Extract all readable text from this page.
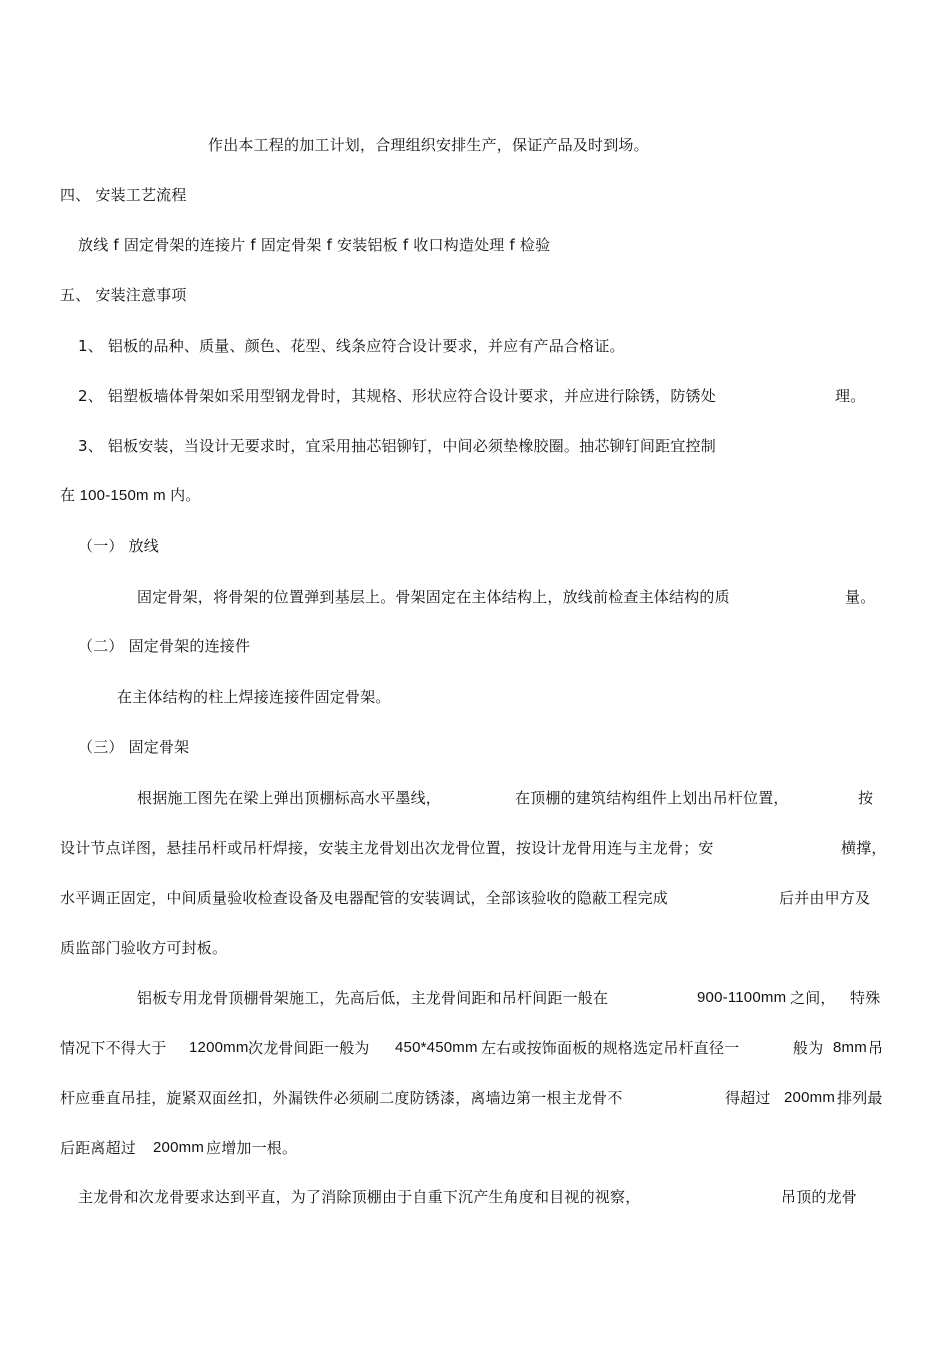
作出本工程的加工计划，合理组织安排生产，保证产品及时到场。

四、 安装工艺流程

放线 f 固定骨架的连接片 f 固定骨架 f 安装铝板 f 收口构造处理 f 检验

五、 安装注意事项

1、 铝板的品种、质量、颜色、花型、线条应符合设计要求，并应有产品合格证。

2、 铝塑板墙体骨架如采用型钢龙骨时，其规格、形状应符合设计要求，并应进行除锈，防锈处	理。

3、 铝板安装，当设计无要求时，宜采用抽芯铝铆钉，中间必须垫橡胶圈。抽芯铆钉间距宜控制

在 100-150m m 内。

（一） 放线

固定骨架，将骨架的位置弹到基层上。骨架固定在主体结构上，放线前检查主体结构的质	量。

（二） 固定骨架的连接件

在主体结构的柱上焊接连接件固定骨架。

（三） 固定骨架

根据施工图先在梁上弹出顶棚标高水平墨线，	在顶棚的建筑结构组件上划出吊杆位置，	按
设计节点详图，悬挂吊杆或吊杆焊接，安装主龙骨划出次龙骨位置，按设计龙骨用连与主龙骨；安	横撑，
水平调正固定，中间质量验收检查设备及电器配管的安装调试，全部该验收的隐蔽工程完成	后并由甲方及

质监部门验收方可封板。

铝板专用龙骨顶棚骨架施工，先高后低，主龙骨间距和吊杆间距一般在	900-1100mm 之间， 特殊
情况下不得大于 1200mm 次龙骨间距一般为 450*450mm 左右或按饰面板的规格选定吊杆直径一	般为 8mm 吊
杆应垂直吊挂，旋紧双面丝扣，外漏铁件必须刷二度防锈漆，离墙边第一根主龙骨不	得超过 200mm 排列最
后距离超过 200mm 应增加一根。
主龙骨和次龙骨要求达到平直，为了消除顶棚由于自重下沉产生角度和目视的视察，	吊顶的龙骨
